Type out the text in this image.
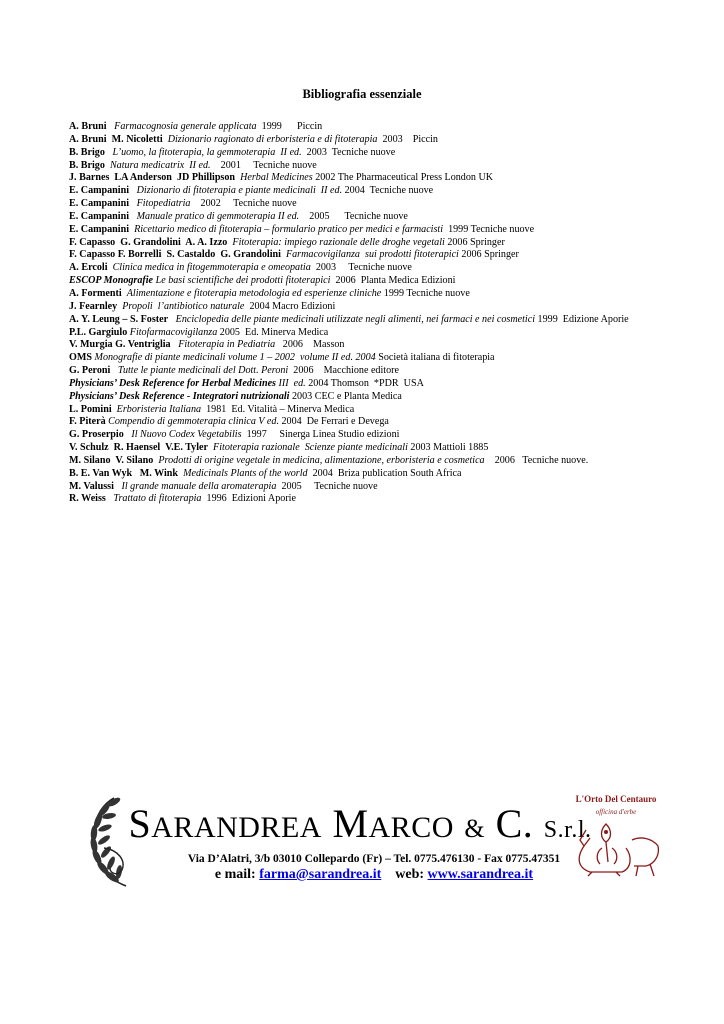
Bibliografia essenziale
A. Bruni Farmacognosia generale applicata  1999      Piccin
A. Bruni  M. Nicoletti Dizionario ragionato di erboristeria e di fitoterapia  2003    Piccin
B. Brigo L’uomo, la fitoterapia, la gemmoterapia  II ed.  2003  Tecniche nuove
B. Brigo Natura medicatrix  II ed.    2001     Tecniche nuove
J. Barnes  LA Anderson  JD Phillipson Herbal Medicines 2002 The Pharmaceutical Press London UK
E. Campanini Dizionario di fitoterapia e piante medicinali  II ed. 2004  Tecniche nuove
E. Campanini Fitopediatria    2002     Tecniche nuove
E. Campanini Manuale pratico di gemmoterapia II ed.    2005      Tecniche nuove
E. Campanini Ricettario medico di fitoterapia – formulario pratico per medici e farmacisti  1999 Tecniche nuove
F. Capasso  G. Grandolini  A. A. Izzo Fitoterapia: impiego razionale delle droghe vegetali 2006 Springer
F. Capasso F. Borrelli  S. Castaldo  G. Grandolini Farmacovigilanza  sui prodotti fitoterapici 2006 Springer
A. Ercoli Clinica medica in fitogemmoterapia e omeopatia  2003     Tecniche nuove
ESCOP Monografie Le basi scientifiche dei prodotti fitoterapici  2006  Planta Medica Edizioni
A. Formenti Alimentazione e fitoterapia metodologia ed esperienze cliniche 1999 Tecniche nuove
J. Fearnley Propoli  l’antibiotico naturale  2004 Macro Edizioni
A. Y. Leung – S. Foster Enciclopedia delle piante medicinali utilizzate negli alimenti, nei farmaci e nei cosmetici 1999  Edizione Aporie
P.L. Gargiulo Fitofarmacovigilanza 2005  Ed. Minerva Medica
V. Murgia G. Ventriglia Fitoterapia in Pediatria   2006    Masson
OMS Monografie di piante medicinali volume 1 – 2002  volume II ed. 2004 Società italiana di fitoterapia
G. Peroni Tutte le piante medicinali del Dott. Peroni  2006    Macchione editore
Physicians’ Desk Reference for Herbal Medicines III  ed. 2004 Thomson  *PDR  USA
Physicians’ Desk Reference - Integratori nutrizionali 2003 CEC e Planta Medica
L. Pomini Erboristeria Italiana  1981  Ed. Vitalità – Minerva Medica
F. Piterà Compendio di gemmoterapia clinica V ed. 2004  De Ferrari e Devega
G. Proserpio Il Nuovo Codex Vegetabilis  1997     Sinerga Linea Studio edizioni
V. Schulz  R. Haensel  V.E. Tyler Fitoterapia razionale  Scienze piante medicinali 2003 Mattioli 1885
M. Silano  V. Silano Prodotti di origine vegetale in medicina, alimentazione, erboristeria e cosmetica    2006   Tecniche nuove.
B. E. Van Wyk   M. Wink Medicinals Plants of the world  2004  Briza publication South Africa
M. Valussi Il grande manuale della aromaterapia  2005     Tecniche nuove
R. Weiss Trattato di fitoterapia  1996  Edizioni Aporie
SARANDREA MARCO & C. S.r.l.
Via D’Alatri, 3/b 03010 Collepardo (Fr) – Tel. 0775.476130 - Fax 0775.47351
e mail: farma@sarandrea.it web: www.sarandrea.it
L'Orto Del Centauro
officina d'erbe
